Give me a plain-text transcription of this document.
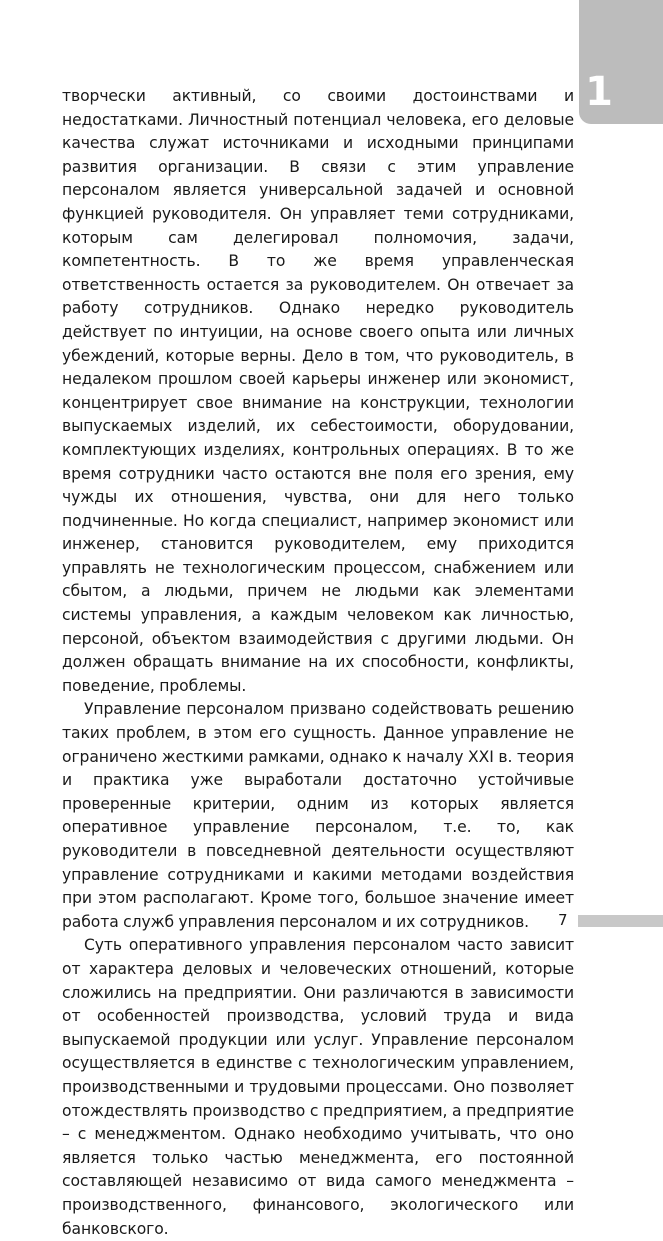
1

творчески активный, со своими достоинствами и недостатками. Личностный потенциал человека, его деловые качества служат источниками и исходными принципами развития организации. В связи с этим управление персоналом является универсальной задачей и основной функцией руководителя. Он управляет теми сотрудниками, которым сам делегировал полномочия, задачи, компетентность. В то же время управленческая ответственность остается за руководителем. Он отвечает за работу сотрудников. Однако нередко руководитель действует по интуиции, на основе своего опыта или личных убеждений, которые верны. Дело в том, что руководитель, в недалеком прошлом своей карьеры инженер или экономист, концентрирует свое внимание на конструкции, технологии выпускаемых изделий, их себестоимости, оборудовании, комплектующих изделиях, контрольных операциях. В то же время сотрудники часто остаются вне поля его зрения, ему чужды их отношения, чувства, они для него только подчиненные. Но когда специалист, например экономист или инженер, становится руководителем, ему приходится управлять не технологическим процессом, снабжением или сбытом, а людьми, причем не людьми как элементами системы управления, а каждым человеком как личностью, персоной, объектом взаимодействия с другими людьми. Он должен обращать внимание на их способности, конфликты, поведение, проблемы.

Управление персоналом призвано содействовать решению таких проблем, в этом его сущность. Данное управление не ограничено жесткими рамками, однако к началу XXI в. теория и практика уже выработали достаточно устойчивые проверенные критерии, одним из которых является оперативное управление персоналом, т.е. то, как руководители в повседневной деятельности осуществляют управление сотрудниками и какими методами воздействия при этом располагают. Кроме того, большое значение имеет работа служб управления персоналом и их сотрудников.

Суть оперативного управления персоналом часто зависит от характера деловых и человеческих отношений, которые сложились на предприятии. Они различаются в зависимости от особенностей производства, условий труда и вида выпускаемой продукции или услуг. Управление персоналом осуществляется в единстве с технологическим управлением, производственными и трудовыми процессами. Оно позволяет отождествлять производство с предприятием, а предприятие – с менеджментом. Однако необходимо учитывать, что оно является только частью менеджмента, его постоянной составляющей независимо от вида самого менеджмента – производственного, финансового, экологического или банковского.

7
